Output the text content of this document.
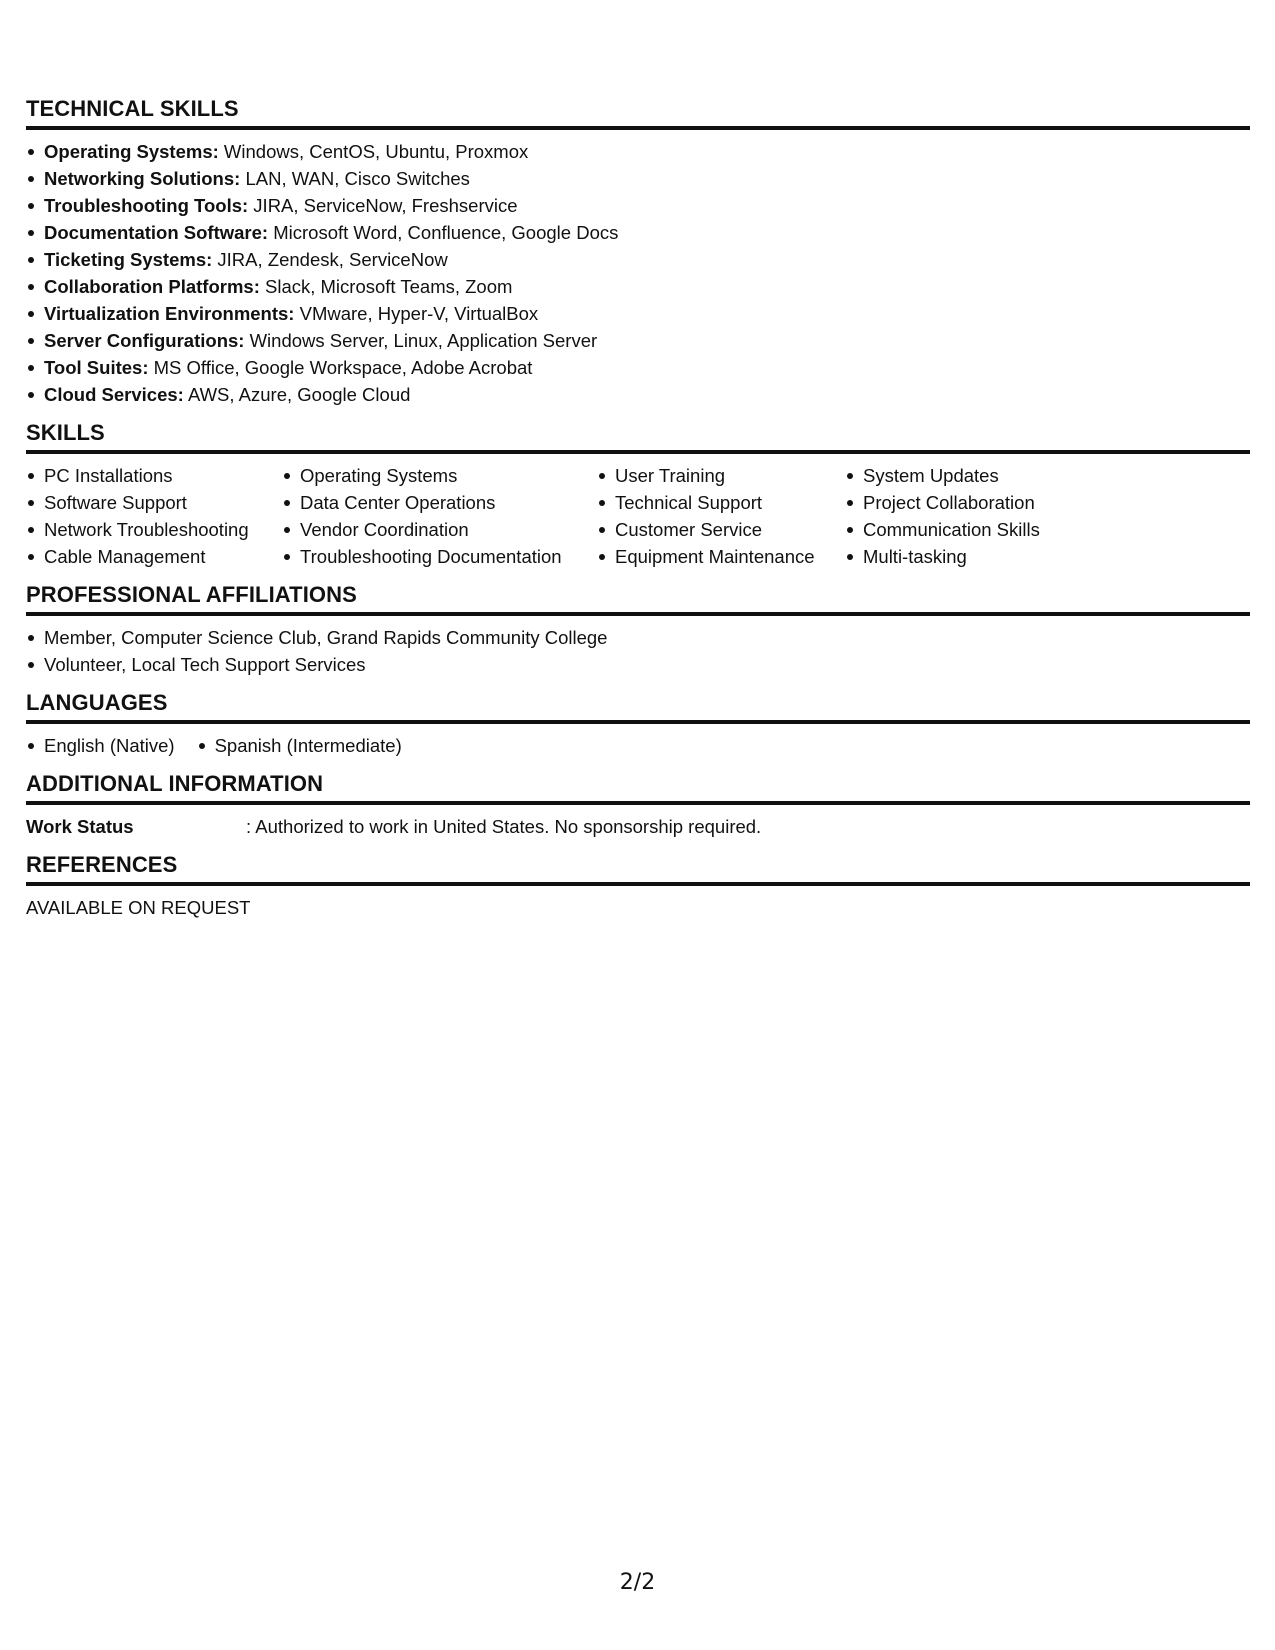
TECHNICAL SKILLS
Operating Systems: Windows, CentOS, Ubuntu, Proxmox
Networking Solutions: LAN, WAN, Cisco Switches
Troubleshooting Tools: JIRA, ServiceNow, Freshservice
Documentation Software: Microsoft Word, Confluence, Google Docs
Ticketing Systems: JIRA, Zendesk, ServiceNow
Collaboration Platforms: Slack, Microsoft Teams, Zoom
Virtualization Environments: VMware, Hyper-V, VirtualBox
Server Configurations: Windows Server, Linux, Application Server
Tool Suites: MS Office, Google Workspace, Adobe Acrobat
Cloud Services: AWS, Azure, Google Cloud
SKILLS
PC Installations
Software Support
Network Troubleshooting
Cable Management
Operating Systems
Data Center Operations
Vendor Coordination
Troubleshooting Documentation
User Training
Technical Support
Customer Service
Equipment Maintenance
System Updates
Project Collaboration
Communication Skills
Multi-tasking
PROFESSIONAL AFFILIATIONS
Member, Computer Science Club, Grand Rapids Community College
Volunteer, Local Tech Support Services
LANGUAGES
English (Native)	Spanish (Intermediate)
ADDITIONAL INFORMATION
Work Status	: Authorized to work in United States. No sponsorship required.
REFERENCES
AVAILABLE ON REQUEST
2/2
